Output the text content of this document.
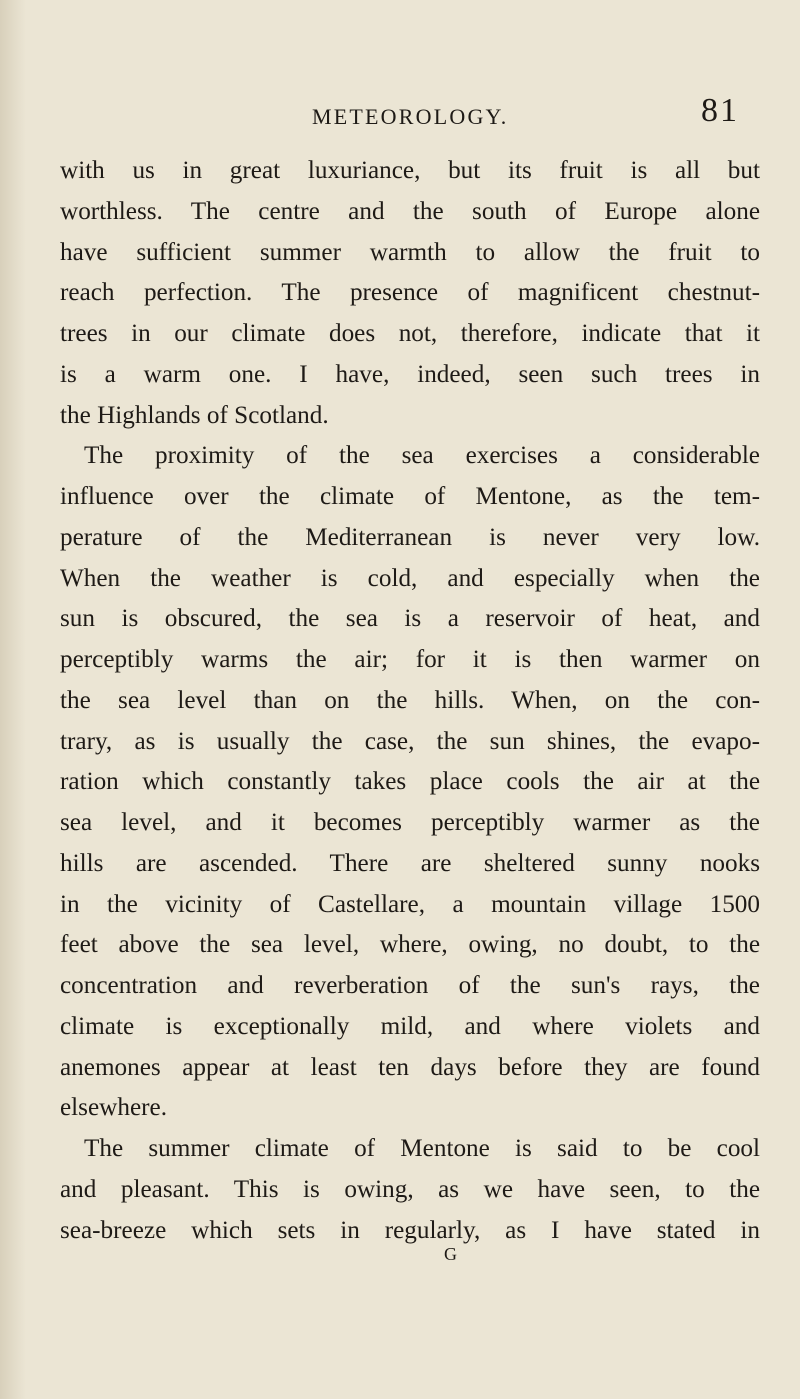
METEOROLOGY.	81
with us in great luxuriance, but its fruit is all but
worthless. The centre and the south of Europe alone
have sufficient summer warmth to allow the fruit to
reach perfection. The presence of magnificent chestnut-
trees in our climate does not, therefore, indicate that it
is a warm one. I have, indeed, seen such trees in
the Highlands of Scotland.
The proximity of the sea exercises a considerable
influence over the climate of Mentone, as the tem-
perature of the Mediterranean is never very low.
When the weather is cold, and especially when the
sun is obscured, the sea is a reservoir of heat, and
perceptibly warms the air; for it is then warmer on
the sea level than on the hills. When, on the con-
trary, as is usually the case, the sun shines, the evapo-
ration which constantly takes place cools the air at the
sea level, and it becomes perceptibly warmer as the
hills are ascended. There are sheltered sunny nooks
in the vicinity of Castellare, a mountain village 1500
feet above the sea level, where, owing, no doubt, to the
concentration and reverberation of the sun's rays, the
climate is exceptionally mild, and where violets and
anemones appear at least ten days before they are found
elsewhere.
The summer climate of Mentone is said to be cool
and pleasant. This is owing, as we have seen, to the
sea-breeze which sets in regularly, as I have stated in
G
